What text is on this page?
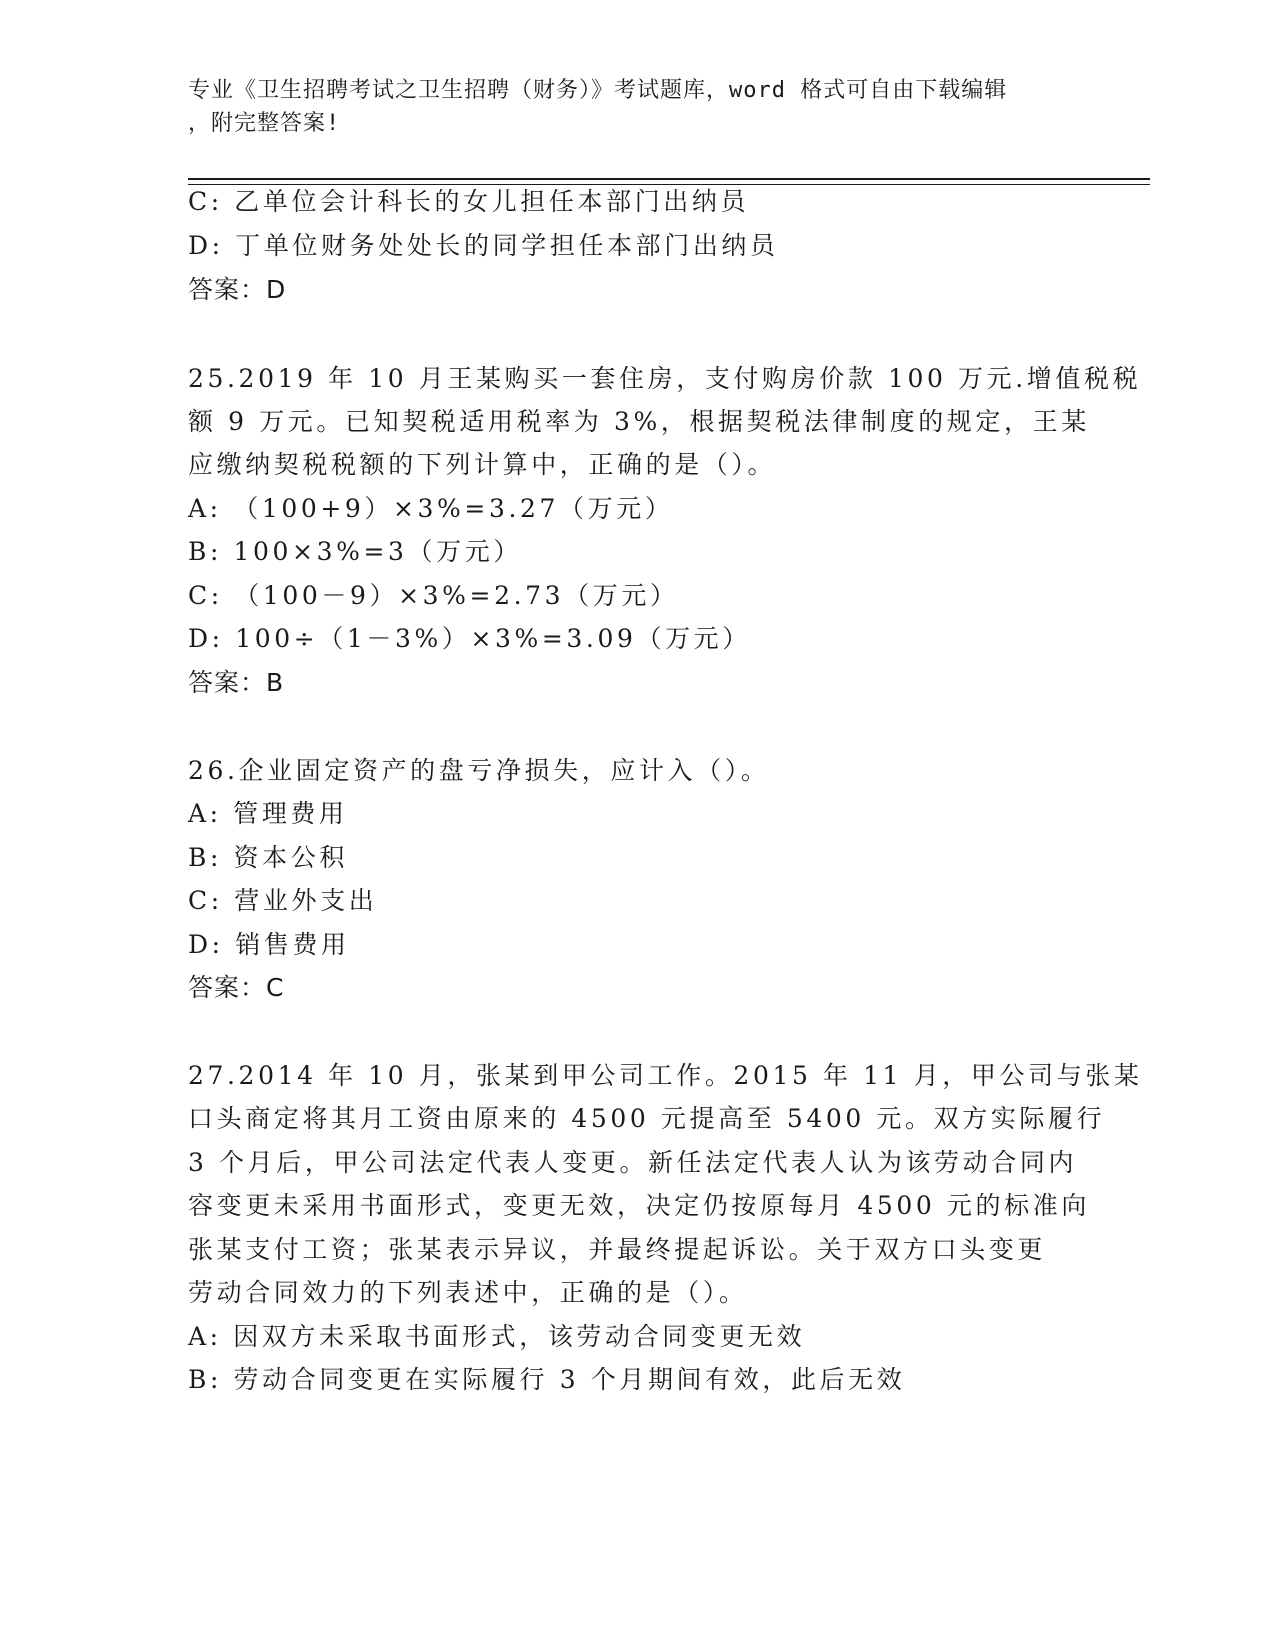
专业《卫生招聘考试之卫生招聘（财务）》考试题库，word 格式可自由下载编辑
，附完整答案!
C: 乙单位会计科长的女儿担任本部门出纳员
D: 丁单位财务处处长的同学担任本部门出纳员
答案：D
25.2019 年 10 月王某购买一套住房，支付购房价款 100 万元.增值税税
额 9 万元。已知契税适用税率为 3%，根据契税法律制度的规定，王某
应缴纳契税税额的下列计算中，正确的是（）。
A: （100+9）×3%=3.27（万元）
B: 100×3%=3（万元）
C: （100－9）×3%=2.73（万元）
D: 100÷（1－3%）×3%=3.09（万元）
答案：B
26.企业固定资产的盘亏净损失，应计入（）。
A: 管理费用
B: 资本公积
C: 营业外支出
D: 销售费用
答案：C
27.2014 年 10 月，张某到甲公司工作。2015 年 11 月，甲公司与张某
口头商定将其月工资由原来的 4500 元提高至 5400 元。双方实际履行
3 个月后，甲公司法定代表人变更。新任法定代表人认为该劳动合同内
容变更未采用书面形式，变更无效，决定仍按原每月 4500 元的标准向
张某支付工资；张某表示异议，并最终提起诉讼。关于双方口头变更
劳动合同效力的下列表述中，正确的是（）。
A: 因双方未采取书面形式，该劳动合同变更无效
B: 劳动合同变更在实际履行 3 个月期间有效，此后无效
